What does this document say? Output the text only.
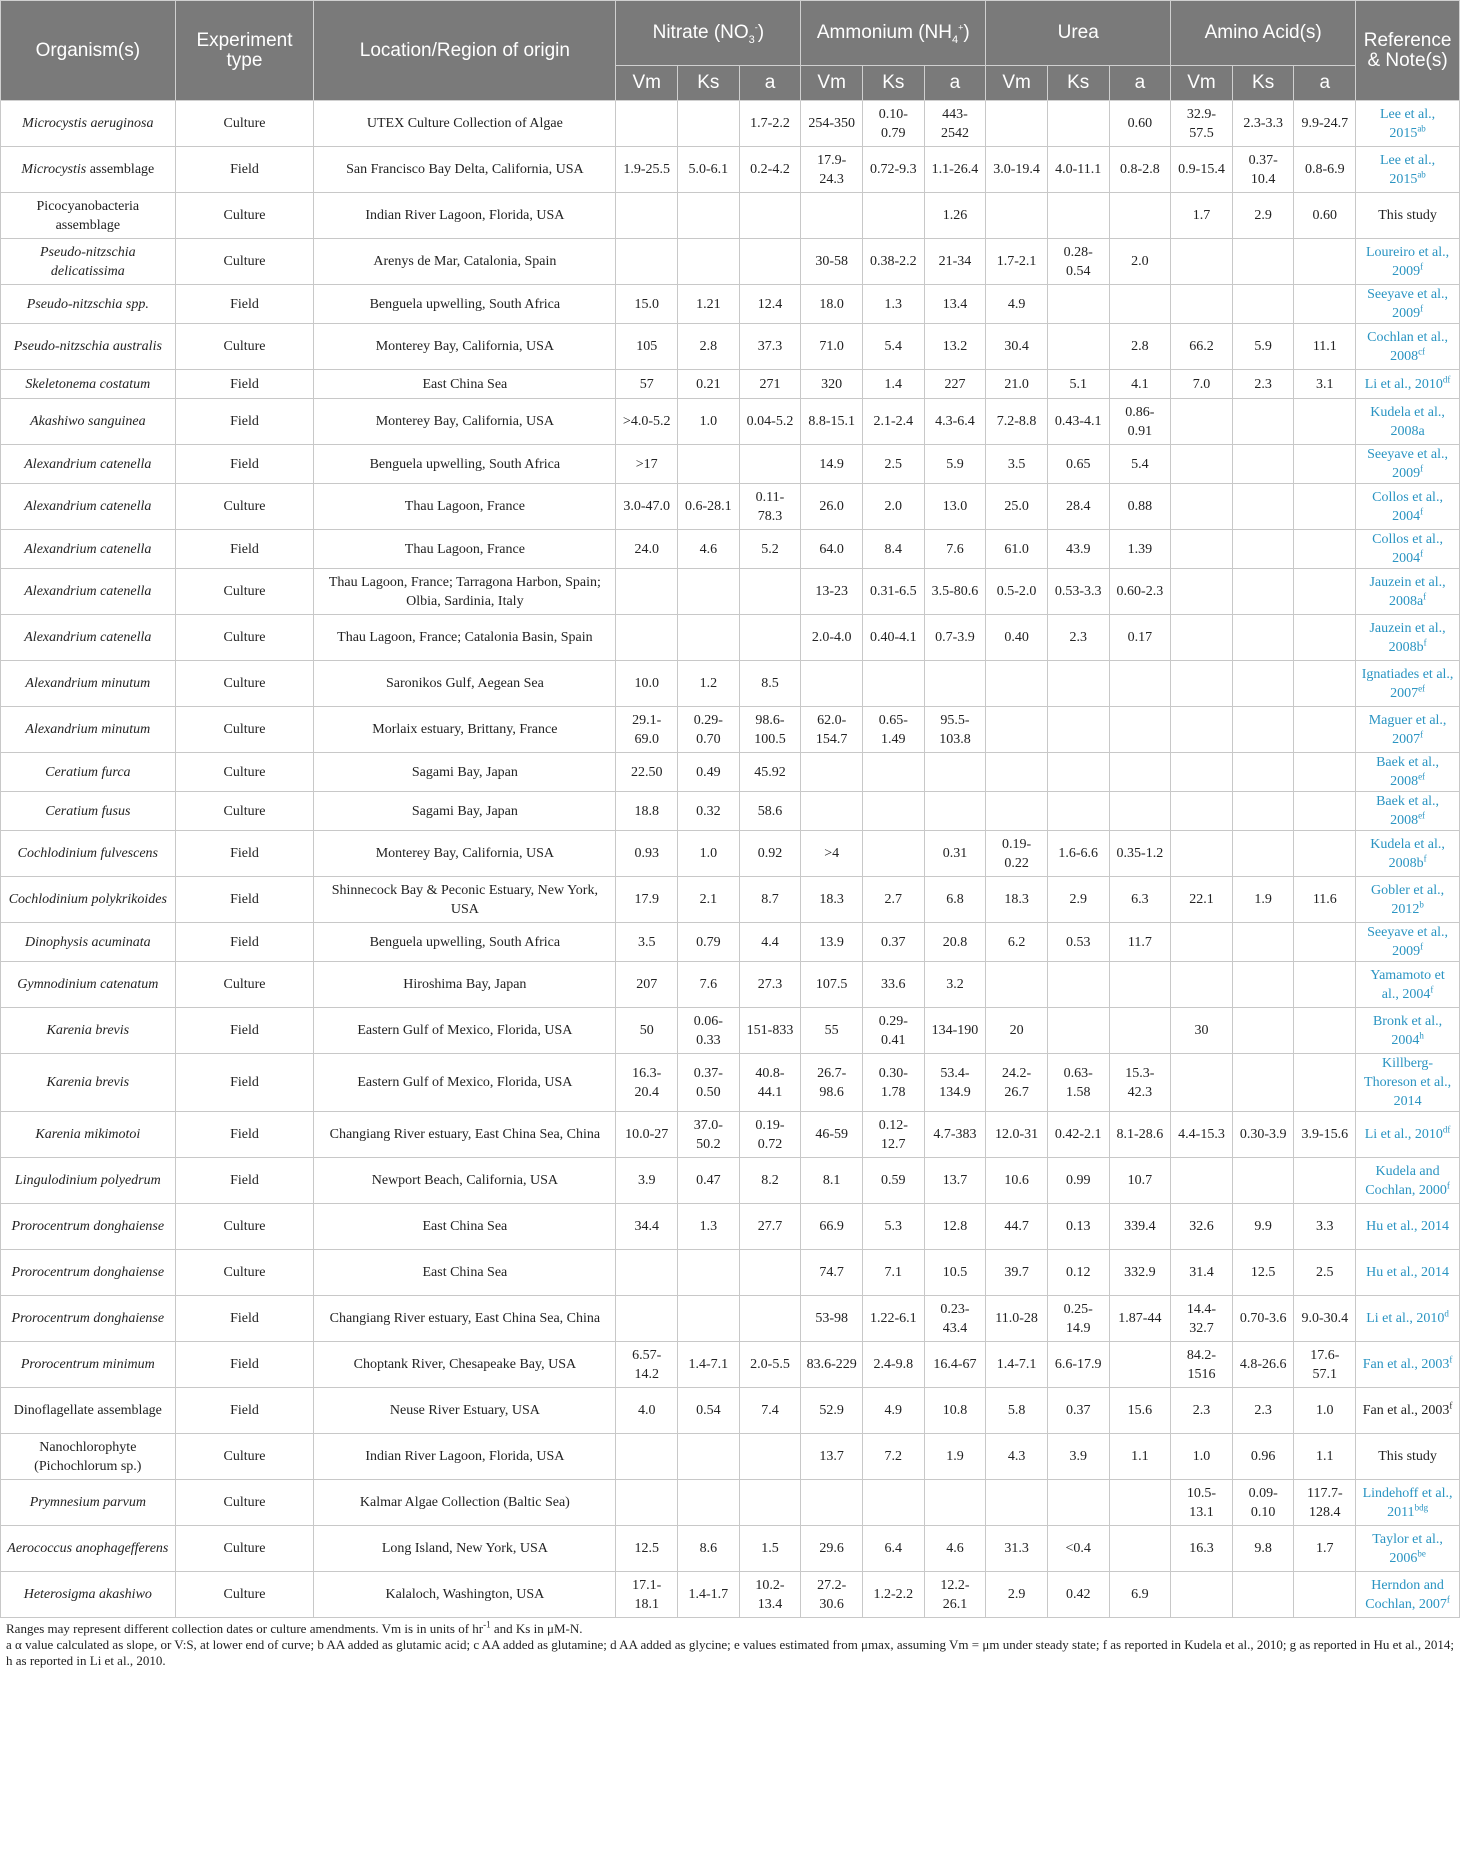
Organism(s)	Experiment type	Location/Region of origin	Nitrate $(NO_3^-)$			Ammonium $(NH_4^+)$			Urea			Amino Acid(s)			Reference & Note(s)
			Vm	Ks	a	Vm	Ks	a	Vm	Ks	a	Vm	Ks	a	
Microcystis aeruginosa	Culture	UTEX Culture Collection of Algae			1.7-2.2	254-350	0.10-0.79	443-2542			0.60	32.9-57.5	2.3-3.3	9.9-24.7	Lee et al., $2015^{ab}$
Microcystis assemblage	Field	San Francisco Bay Delta, California, USA	1.9-25.5	5.0-6.1	0.2-4.2	17.9-24.3	0.72-9.3	1.1-26.4	3.0-19.4	4.0-11.1	0.8-2.8	0.9-15.4	0.37-10.4	0.8-6.9	Lee et al., $2015^{ab}$
Picocyanobacteria assemblage	Culture	Indian River Lagoon, Florida, USA						1.26				1.7	2.9	0.60	This study
Pseudo-nitzschia delicatissima	Culture	Arenys de Mar, Catalonia, Spain				30-58	0.38-2.2	21-34	1.7-2.1	0.28-0.54	2.0				Loureiro et al., 2009$^f$
Pseudo-nitzschia spp.	Field	Benguela upwelling, South Africa	15.0	1.21	12.4	18.0	1.3	13.4	4.9						Seeyave et al., 2009$^f$
Pseudo-nitzschia australis	Culture	Monterey Bay, California, USA	105	2.8	37.3	71.0	5.4	13.2	30.4		2.8	66.2	5.9	11.1	Cochlan et al., $2008^{cf}$
Skeletonema costatum	Field	East China Sea	57	0.21	271	320	1.4	227	21.0	5.1	4.1	7.0	2.3	3.1	Li et al., $2010^{df}$
Akashiwo sanguinea	Field	Monterey Bay, California, USA	>4.0-5.2	1.0	0.04-5.2	8.8-15.1	2.1-2.4	4.3-6.4	7.2-8.8	0.43-4.1	0.86-0.91				Kudela et al., 2008a
Alexandrium catenella	Field	Benguela upwelling, South Africa	>17			14.9	2.5	5.9	3.5	0.65	5.4				Seeyave et al., 2009$^f$
Alexandrium catenella	Culture	Thau Lagoon, France	3.0-47.0	0.6-28.1	0.11-78.3	26.0	2.0	13.0	25.0	28.4	0.88				Collos et al., 2004$^f$
Alexandrium catenella	Field	Thau Lagoon, France	24.0	4.6	5.2	64.0	8.4	7.6	61.0	43.9	1.39				Collos et al., 2004$^f$
Alexandrium catenella	Culture	Thau Lagoon, France; Tarragona Harbon, Spain; Olbia, Sardinia, Italy				13-23	0.31-6.5	3.5-80.6	0.5-2.0	0.53-3.3	0.60-2.3				Jauzein et al., $2008a^f$
Alexandrium catenella	Culture	Thau Lagoon, France; Catalonia Basin, Spain				2.0-4.0	0.40-4.1	0.7-3.9	0.40	2.3	0.17				Jauzein et al., $2008b^f$
Alexandrium minutum	Culture	Saronikos Gulf, Aegean Sea	10.0	1.2	8.5										Ignatiades et al., $2007^{ef}$
Alexandrium minutum	Culture	Morlaix estuary, Brittany, France	29.1-69.0	0.29-0.70	98.6-100.5	62.0-154.7	0.65-1.49	95.5-103.8							Maguer et al., 2007$^f$
Ceratium furca	Culture	Sagami Bay, Japan	22.50	0.49	45.92										Baek et al., $2008^{ef}$
Ceratium fusus	Culture	Sagami Bay, Japan	18.8	0.32	58.6										Baek et al., $2008^{ef}$
Cochlodinium fulvescens	Field	Monterey Bay, California, USA	0.93	1.0	0.92	>4		0.31	0.19-0.22	1.6-6.6	0.35-1.2				Kudela et al., $2008b^f$
Cochlodinium polykrikoides	Field	Shinnecock Bay & Peconic Estuary, New York, USA	17.9	2.1	8.7	18.3	2.7	6.8	18.3	2.9	6.3	22.1	1.9	11.6	Gobler et al., 2012$^b$
Dinophysis acuminata	Field	Benguela upwelling, South Africa	3.5	0.79	4.4	13.9	0.37	20.8	6.2	0.53	11.7				Seeyave et al., 2009$^f$
Gymnodinium catenatum	Culture	Hiroshima Bay, Japan	207	7.6	27.3	107.5	33.6	3.2							Yamamoto et al., 2004$^f$
Karenia brevis	Field	Eastern Gulf of Mexico, Florida, USA	50	0.06-0.33	151-833	55	0.29-0.41	134-190	20			30			Bronk et al., 2004$^h$
Karenia brevis	Field	Eastern Gulf of Mexico, Florida, USA	16.3-20.4	0.37-0.50	40.8-44.1	26.7-98.6	0.30-1.78	53.4-134.9	24.2-26.7	0.63-1.58	15.3-42.3				Killberg-Thoreson et al., 2014
Karenia mikimotoi	Field	Changiang River estuary, East China Sea, China	10.0-27	37.0-50.2	0.19-0.72	46-59	0.12-12.7	4.7-383	12.0-31	0.42-2.1	8.1-28.6	4.4-15.3	0.30-3.9	3.9-15.6	Li et al., $2010^{df}$
Lingulodinium polyedrum	Field	Newport Beach, California, USA	3.9	0.47	8.2	8.1	0.59	13.7	10.6	0.99	10.7				Kudela and Cochlan, 2000$^f$
Prorocentrum donghaiense	Culture	East China Sea	34.4	1.3	27.7	66.9	5.3	12.8	44.7	0.13	339.4	32.6	9.9	3.3	Hu et al., 2014
Prorocentrum donghaiense	Culture	East China Sea				74.7	7.1	10.5	39.7	0.12	332.9	31.4	12.5	2.5	Hu et al., 2014
Prorocentrum donghaiense	Field	Changiang River estuary, East China Sea, China				53-98	1.22-6.1	0.23-43.4	11.0-28	0.25-14.9	1.87-44	14.4-32.7	0.70-3.6	9.0-30.4	Li et al., 2010$^d$
Prorocentrum minimum	Field	Choptank River, Chesapeake Bay, USA	6.57-14.2	1.4-7.1	2.0-5.5	83.6-229	2.4-9.8	16.4-67	1.4-7.1	6.6-17.9		84.2-1516	4.8-26.6	17.6-57.1	Fan et al., 2003$^f$
Dinoflagellate assemblage	Field	Neuse River Estuary, USA	4.0	0.54	7.4	52.9	4.9	10.8	5.8	0.37	15.6	2.3	2.3	1.0	Fan et al., 2003$^f$
Nanochlorophyte (Pichochlorum sp.)	Culture	Indian River Lagoon, Florida, USA				13.7	7.2	1.9	4.3	3.9	1.1	1.0	0.96	1.1	This study
Prymnesium parvum	Culture	Kalmar Algae Collection (Baltic Sea)										10.5-13.1	0.09-0.10	117.7-128.4	Lindehoff et al., $2011^{bdg}$
Aerococcus anophagefferens	Culture	Long Island, New York, USA	12.5	8.6	1.5	29.6	6.4	4.6	31.3	<0.4		16.3	9.8	1.7	Taylor et al., $2006^{be}$
Heterosigma akashiwo	Culture	Kalaloch, Washington, USA	17.1-18.1	1.4-1.7	10.2-13.4	27.2-30.6	1.2-2.2	12.2-26.1	2.9	0.42	6.9				Herndon and Cochlan, 2007$^f$
Ranges may represent different collection dates or culture amendments. Vm is in units of $hr^{-1}$ and Ks in μM-N.
a α value calculated as slope, or V:S, at lower end of curve; b AA added as glutamic acid; c AA added as glutamine; d AA added as glycine; e values estimated from μmax, assuming Vm = μm under steady state; f as reported in Kudela et al., 2010; g as reported in Hu et al., 2014;
h as reported in Li et al., 2010.
